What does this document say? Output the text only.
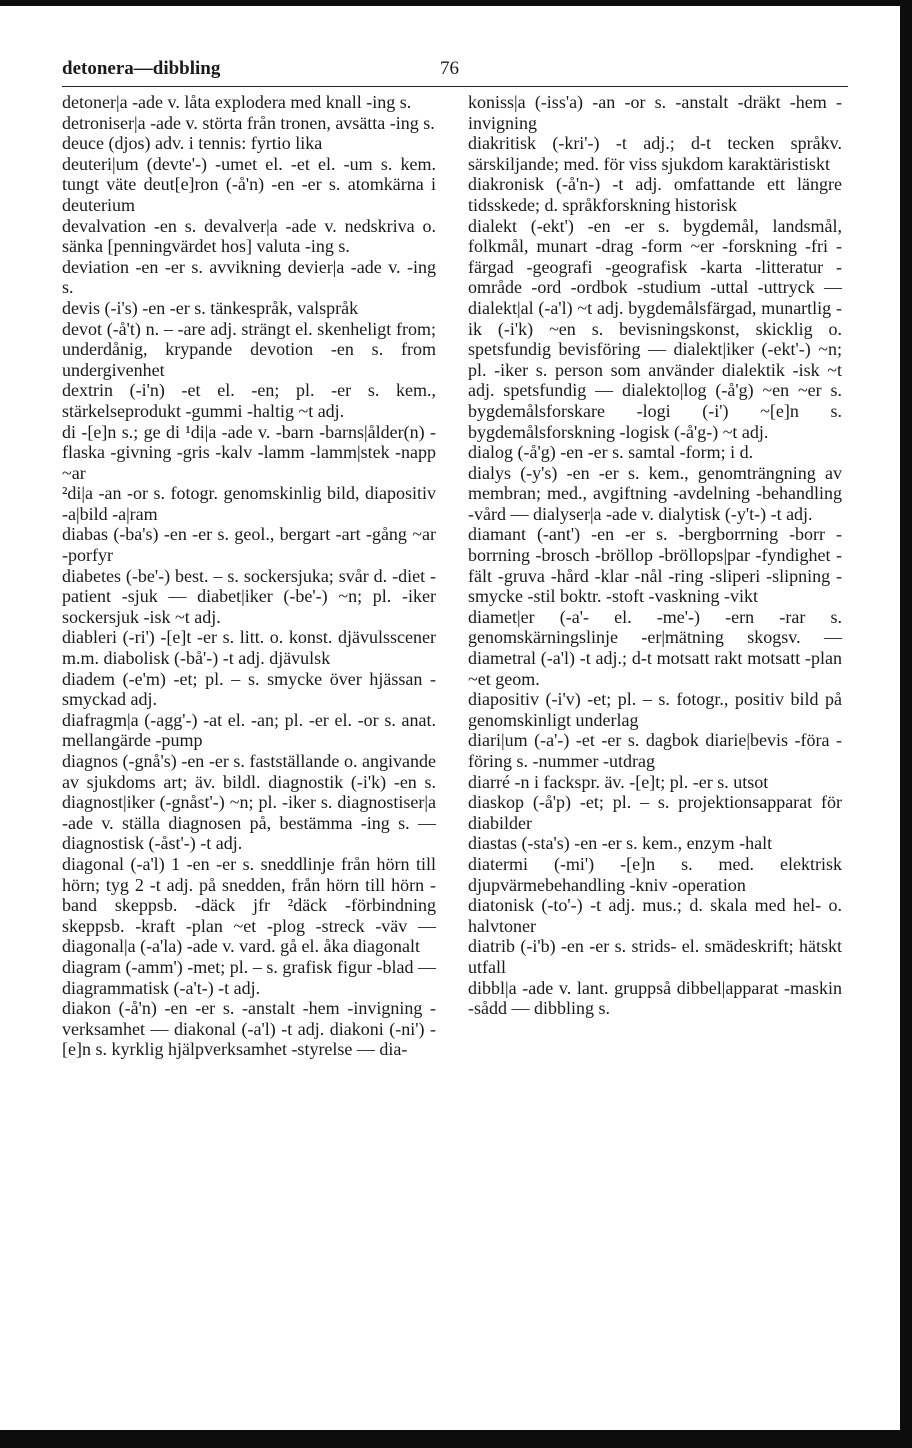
detonera—dibbling	76

detoner|a -ade v. låta explodera med knall -ing s.

detroniser|a -ade v. störta från tronen, avsätta -ing s.

deuce (djos) adv. i tennis: fyrtio lika

deuteri|um (devte'-) -umet el. -et el. -um s. kem. tungt väte deut[e]ron (-å'n) -en -er s. atomkärna i deuterium

devalvation -en s. devalver|a -ade v. nedskriva o. sänka [penningvärdet hos] valuta -ing s.

deviation -en -er s. avvikning devier|a -ade v. -ing s.

devis (-i's) -en -er s. tänkespråk, valspråk

devot (-å't) n. – -are adj. strängt el. skenheligt from; underdånig, krypande devotion -en s. from undergivenhet

dextrin (-i'n) -et el. -en; pl. -er s. kem., stärkelseprodukt -gummi -haltig ~t adj.

di -[e]n s.; ge di ¹di|a -ade v. -barn -barns|ålder(n) -flaska -givning -gris -kalv -lamm -lamm|stek -napp ~ar

²di|a -an -or s. fotogr. genomskinlig bild, diapositiv -a|bild -a|ram

diabas (-ba's) -en -er s. geol., bergart -art -gång ~ar -porfyr

diabetes (-be'-) best. – s. sockersjuka; svår d. -diet -patient -sjuk — diabet|iker (-be'-) ~n; pl. -iker sockersjuk -isk ~t adj.

diableri (-ri') -[e]t -er s. litt. o. konst. djävulsscener m.m. diabolisk (-bå'-) -t adj. djävulsk

diadem (-e'm) -et; pl. – s. smycke över hjässan -smyckad adj.

diafragm|a (-agg'-) -at el. -an; pl. -er el. -or s. anat. mellangärde -pump

diagnos (-gnå's) -en -er s. fastställande o. angivande av sjukdoms art; äv. bildl. diagnostik (-i'k) -en s. diagnost|iker (-gnåst'-) ~n; pl. -iker s. diagnostiser|a -ade v. ställa diagnosen på, bestämma -ing s. — diagnostisk (-åst'-) -t adj.

diagonal (-a'l) 1 -en -er s. sneddlinje från hörn till hörn; tyg 2 -t adj. på snedden, från hörn till hörn -band skeppsb. -däck jfr ²däck -förbindning skeppsb. -kraft -plan ~et -plog -streck -väv — diagonal|a (-a'la) -ade v. vard. gå el. åka diagonalt

diagram (-amm') -met; pl. – s. grafisk figur -blad — diagrammatisk (-a't-) -t adj.

diakon (-å'n) -en -er s. -anstalt -hem -invigning -verksamhet — diakonal (-a'l) -t adj. diakoni (-ni') -[e]n s. kyrklig hjälpverksamhet -styrelse — dia-

koniss|a (-iss'a) -an -or s. -anstalt -dräkt -hem -invigning

diakritisk (-kri'-) -t adj.; d-t tecken språkv. särskiljande; med. för viss sjukdom karaktäristiskt

diakronisk (-å'n-) -t adj. omfattande ett längre tidsskede; d. språkforskning historisk

dialekt (-ekt') -en -er s. bygdemål, landsmål, folkmål, munart -drag -form ~er -forskning -fri -färgad -geografi -geografisk -karta -litteratur -område -ord -ordbok -studium -uttal -uttryck — dialekt|al (-a'l) ~t adj. bygdemålsfärgad, munartlig -ik (-i'k) ~en s. bevisningskonst, skicklig o. spetsfundig bevisföring — dialekt|iker (-ekt'-) ~n; pl. -iker s. person som använder dialektik -isk ~t adj. spetsfundig — dialekto|log (-å'g) ~en ~er s. bygdemålsforskare -logi (-i') ~[e]n s. bygdemålsforskning -logisk (-å'g-) ~t adj.

dialog (-å'g) -en -er s. samtal -form; i d.

dialys (-y's) -en -er s. kem., genomträngning av membran; med., avgiftning -avdelning -behandling -vård — dialyser|a -ade v. dialytisk (-y't-) -t adj.

diamant (-ant') -en -er s. -bergborrning -borr -borrning -brosch -bröllop -bröllops|par -fyndighet -fält -gruva -hård -klar -nål -ring -sliperi -slipning -smycke -stil boktr. -stoft -vaskning -vikt

diamet|er (-a'- el. -me'-) -ern -rar s. genomskärningslinje -er|mätning skogsv. — diametral (-a'l) -t adj.; d-t motsatt rakt motsatt -plan ~et geom.

diapositiv (-i'v) -et; pl. – s. fotogr., positiv bild på genomskinligt underlag

diari|um (-a'-) -et -er s. dagbok diarie|bevis -föra -föring s. -nummer -utdrag

diarré -n i fackspr. äv. -[e]t; pl. -er s. utsot

diaskop (-å'p) -et; pl. – s. projektionsapparat för diabilder

diastas (-sta's) -en -er s. kem., enzym -halt

diatermi (-mi') -[e]n s. med. elektrisk djupvärmebehandling -kniv -operation

diatonisk (-to'-) -t adj. mus.; d. skala med hel- o. halvtoner

diatrib (-i'b) -en -er s. strids- el. smädeskrift; hätskt utfall

dibbl|a -ade v. lant. gruppså dibbel|apparat -maskin -sådd — dibbling s.
